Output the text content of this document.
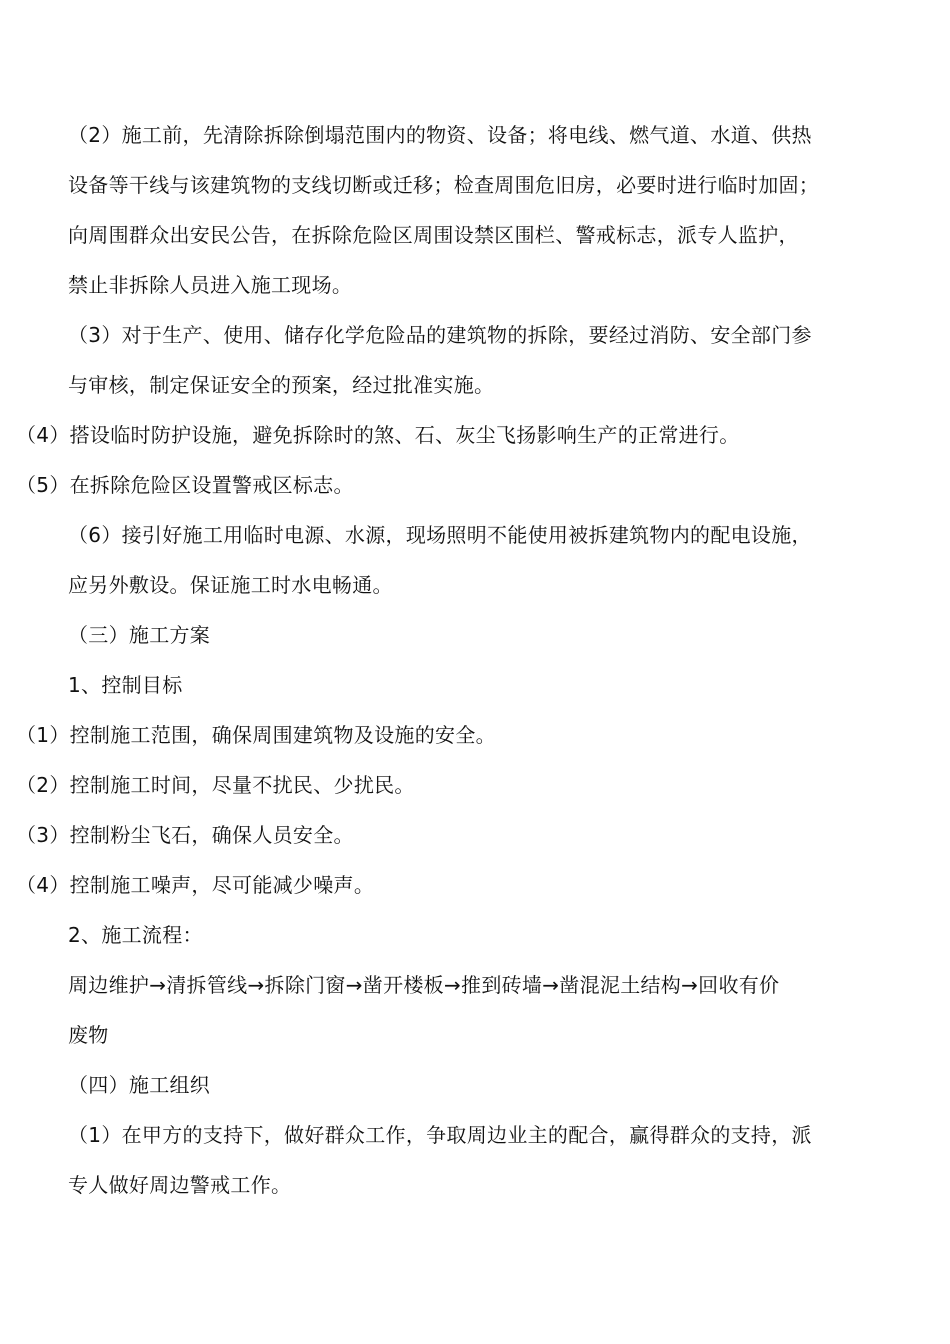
（2）施工前，先清除拆除倒塌范围内的物资、设备；将电线、燃气道、水道、供热
设备等干线与该建筑物的支线切断或迁移；检查周围危旧房，必要时进行临时加固；
向周围群众出安民公告，在拆除危险区周围设禁区围栏、警戒标志，派专人监护，
禁止非拆除人员进入施工现场。
（3）对于生产、使用、储存化学危险品的建筑物的拆除，要经过消防、安全部门参
与审核，制定保证安全的预案，经过批准实施。
（4）搭设临时防护设施，避免拆除时的煞、石、灰尘飞扬影响生产的正常进行。
（5）在拆除危险区设置警戒区标志。
（6）接引好施工用临时电源、水源，现场照明不能使用被拆建筑物内的配电设施，
应另外敷设。保证施工时水电畅通。
（三）施工方案
1、控制目标
（1）控制施工范围，确保周围建筑物及设施的安全。
（2）控制施工时间，尽量不扰民、少扰民。
（3）控制粉尘飞石，确保人员安全。
（4）控制施工噪声，尽可能减少噪声。
2、施工流程：
周边维护→清拆管线→拆除门窗→凿开楼板→推到砖墙→凿混泥土结构→回收有价
废物
（四）施工组织
（1）在甲方的支持下，做好群众工作，争取周边业主的配合，赢得群众的支持，派
专人做好周边警戒工作。
